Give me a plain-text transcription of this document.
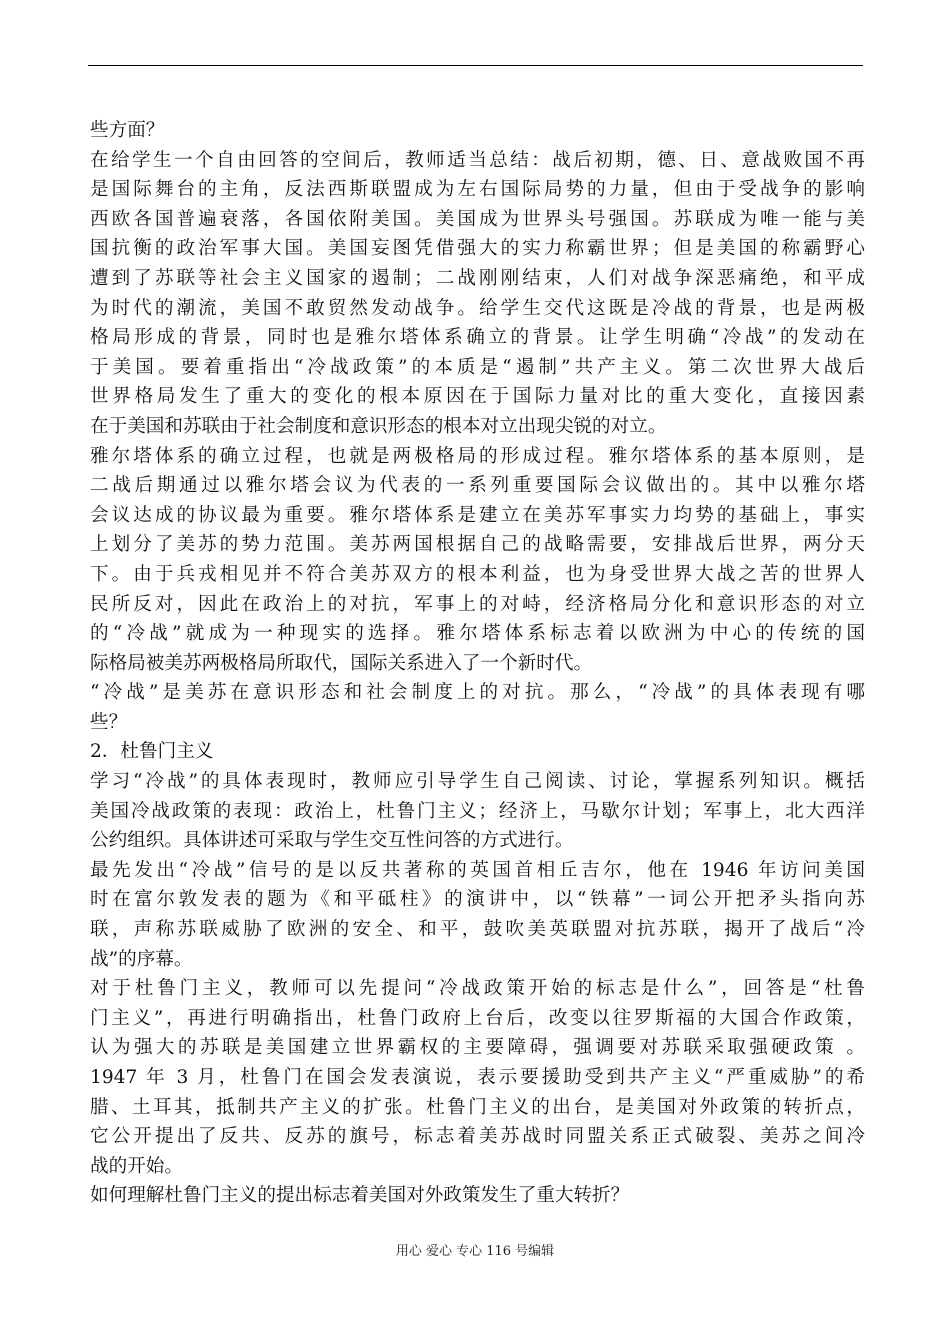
些方面？
在给学生一个自由回答的空间后，教师适当总结：战后初期，德、日、意战败国不再
是国际舞台的主角，反法西斯联盟成为左右国际局势的力量，但由于受战争的影响
西欧各国普遍衰落，各国依附美国。美国成为世界头号强国。苏联成为唯一能与美
国抗衡的政治军事大国。美国妄图凭借强大的实力称霸世界；但是美国的称霸野心
遭到了苏联等社会主义国家的遏制；二战刚刚结束，人们对战争深恶痛绝，和平成
为时代的潮流，美国不敢贸然发动战争。给学生交代这既是冷战的背景，也是两极
格局形成的背景，同时也是雅尔塔体系确立的背景。让学生明确“冷战”的发动在
于美国。要着重指出“冷战政策”的本质是“遏制”共产主义。第二次世界大战后
世界格局发生了重大的变化的根本原因在于国际力量对比的重大变化，直接因素
在于美国和苏联由于社会制度和意识形态的根本对立出现尖锐的对立。
雅尔塔体系的确立过程，也就是两极格局的形成过程。雅尔塔体系的基本原则，是
二战后期通过以雅尔塔会议为代表的一系列重要国际会议做出的。其中以雅尔塔
会议达成的协议最为重要。雅尔塔体系是建立在美苏军事实力均势的基础上，事实
上划分了美苏的势力范围。美苏两国根据自己的战略需要，安排战后世界，两分天
下。由于兵戎相见并不符合美苏双方的根本利益，也为身受世界大战之苦的世界人
民所反对，因此在政治上的对抗，军事上的对峙，经济格局分化和意识形态的对立
的“冷战”就成为一种现实的选择。雅尔塔体系标志着以欧洲为中心的传统的国
际格局被美苏两极格局所取代，国际关系进入了一个新时代。
“冷战”是美苏在意识形态和社会制度上的对抗。那么，“冷战”的具体表现有哪
些？
2．杜鲁门主义
学习“冷战”的具体表现时，教师应引导学生自己阅读、讨论，掌握系列知识。概括
美国冷战政策的表现：政治上，杜鲁门主义；经济上，马歇尔计划；军事上，北大西洋
公约组织。具体讲述可采取与学生交互性问答的方式进行。
最先发出“冷战”信号的是以反共著称的英国首相丘吉尔，他在 1946 年访问美国
时在富尔敦发表的题为《和平砥柱》的演讲中，以“铁幕”一词公开把矛头指向苏
联，声称苏联威胁了欧洲的安全、和平，鼓吹美英联盟对抗苏联，揭开了战后“冷
战”的序幕。
对于杜鲁门主义，教师可以先提问“冷战政策开始的标志是什么”，回答是“杜鲁
门主义”，再进行明确指出，杜鲁门政府上台后，改变以往罗斯福的大国合作政策，
认为强大的苏联是美国建立世界霸权的主要障碍，强调要对苏联采取强硬政策 。
1947 年 3 月，杜鲁门在国会发表演说，表示要援助受到共产主义“严重威胁”的希
腊、土耳其，抵制共产主义的扩张。杜鲁门主义的出台，是美国对外政策的转折点，
它公开提出了反共、反苏的旗号，标志着美苏战时同盟关系正式破裂、美苏之间冷
战的开始。
如何理解杜鲁门主义的提出标志着美国对外政策发生了重大转折？
用心 爱心 专心 116 号编辑
